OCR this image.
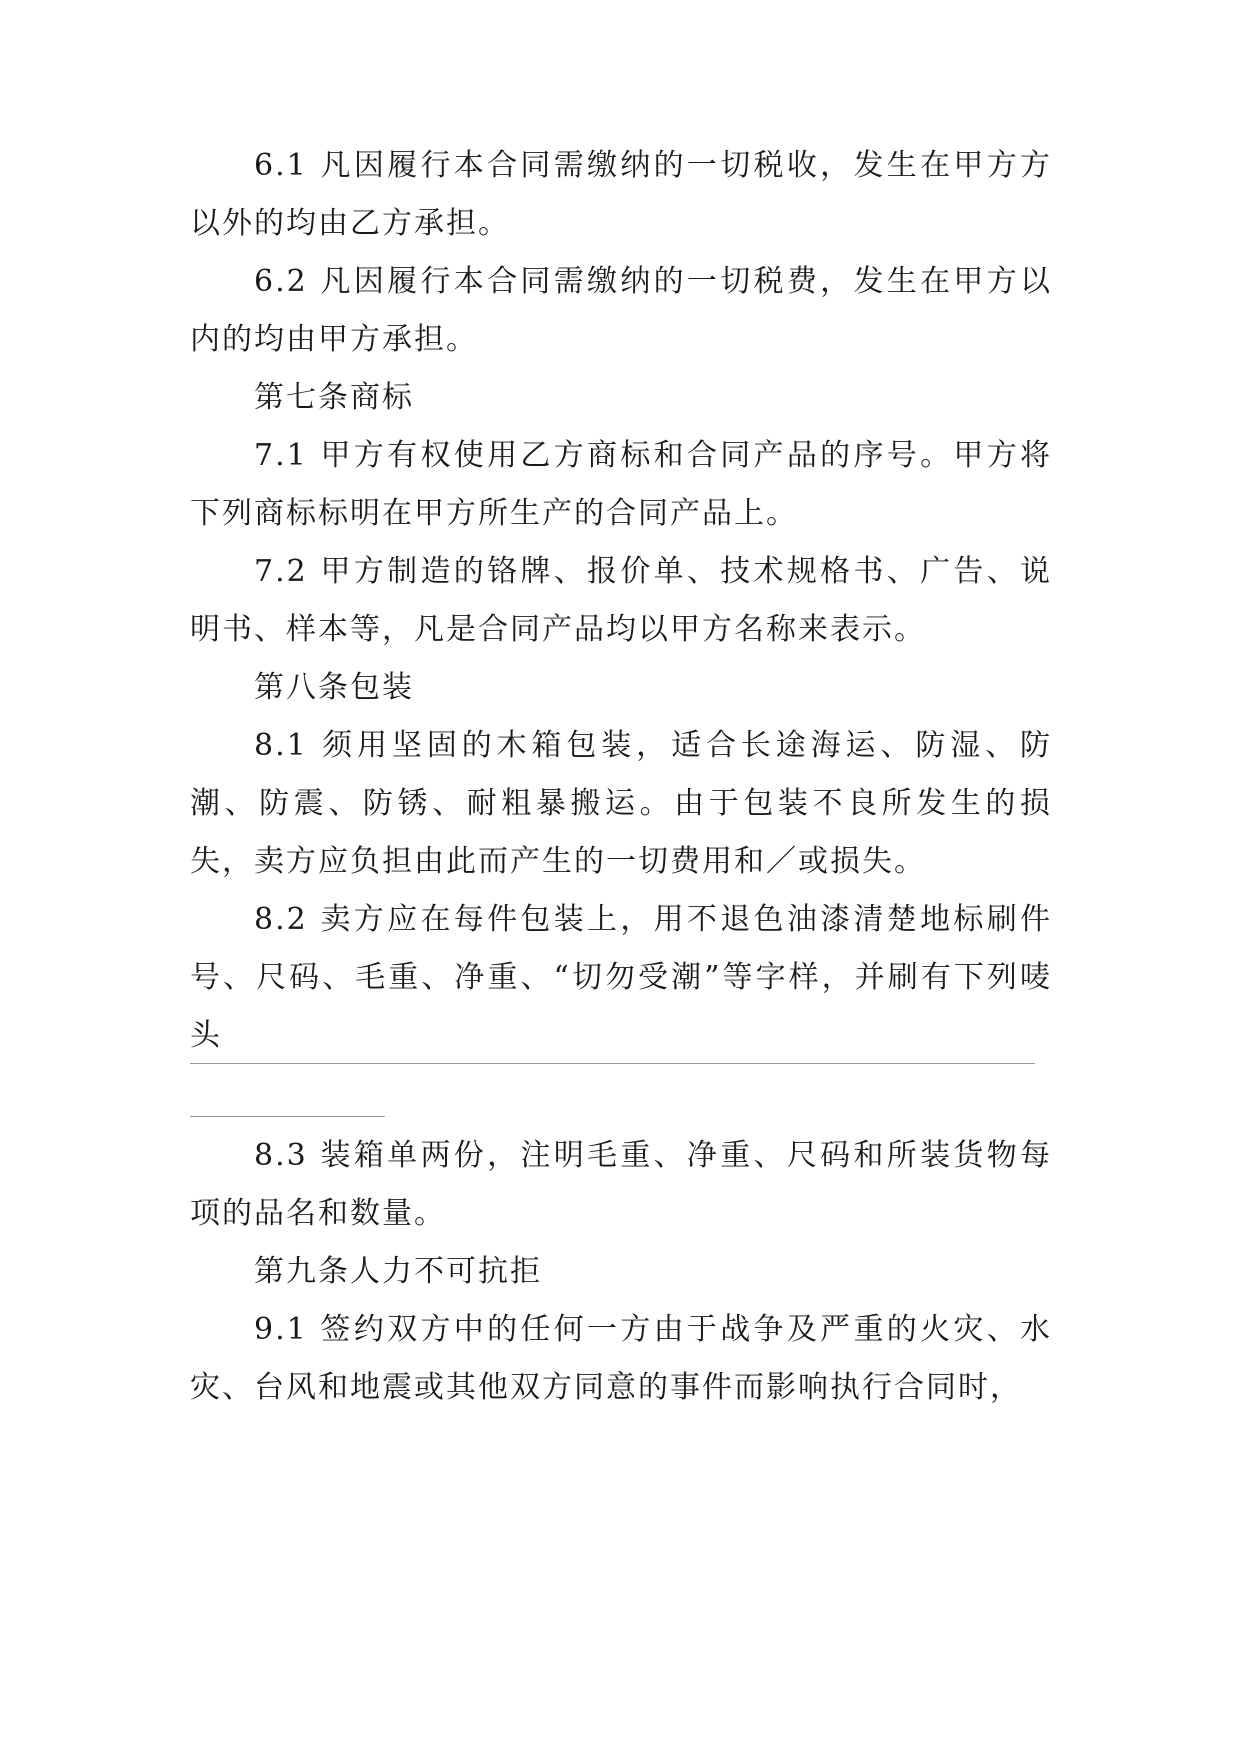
6.1 凡因履行本合同需缴纳的一切税收，发生在甲方方以外的均由乙方承担。

6.2 凡因履行本合同需缴纳的一切税费，发生在甲方以内的均由甲方承担。

第七条商标

7.1 甲方有权使用乙方商标和合同产品的序号。甲方将下列商标标明在甲方所生产的合同产品上。

7.2 甲方制造的铬牌、报价单、技术规格书、广告、说明书、样本等，凡是合同产品均以甲方名称来表示。

第八条包装

8.1 须用坚固的木箱包装，适合长途海运、防湿、防潮、防震、防锈、耐粗暴搬运。由于包装不良所发生的损失，卖方应负担由此而产生的一切费用和／或损失。

8.2 卖方应在每件包装上，用不退色油漆清楚地标刷件号、尺码、毛重、净重、“切勿受潮”等字样，并刷有下列唛头

8.3 装箱单两份，注明毛重、净重、尺码和所装货物每项的品名和数量。

第九条人力不可抗拒

9.1 签约双方中的任何一方由于战争及严重的火灾、水灾、台风和地震或其他双方同意的事件而影响执行合同时，
